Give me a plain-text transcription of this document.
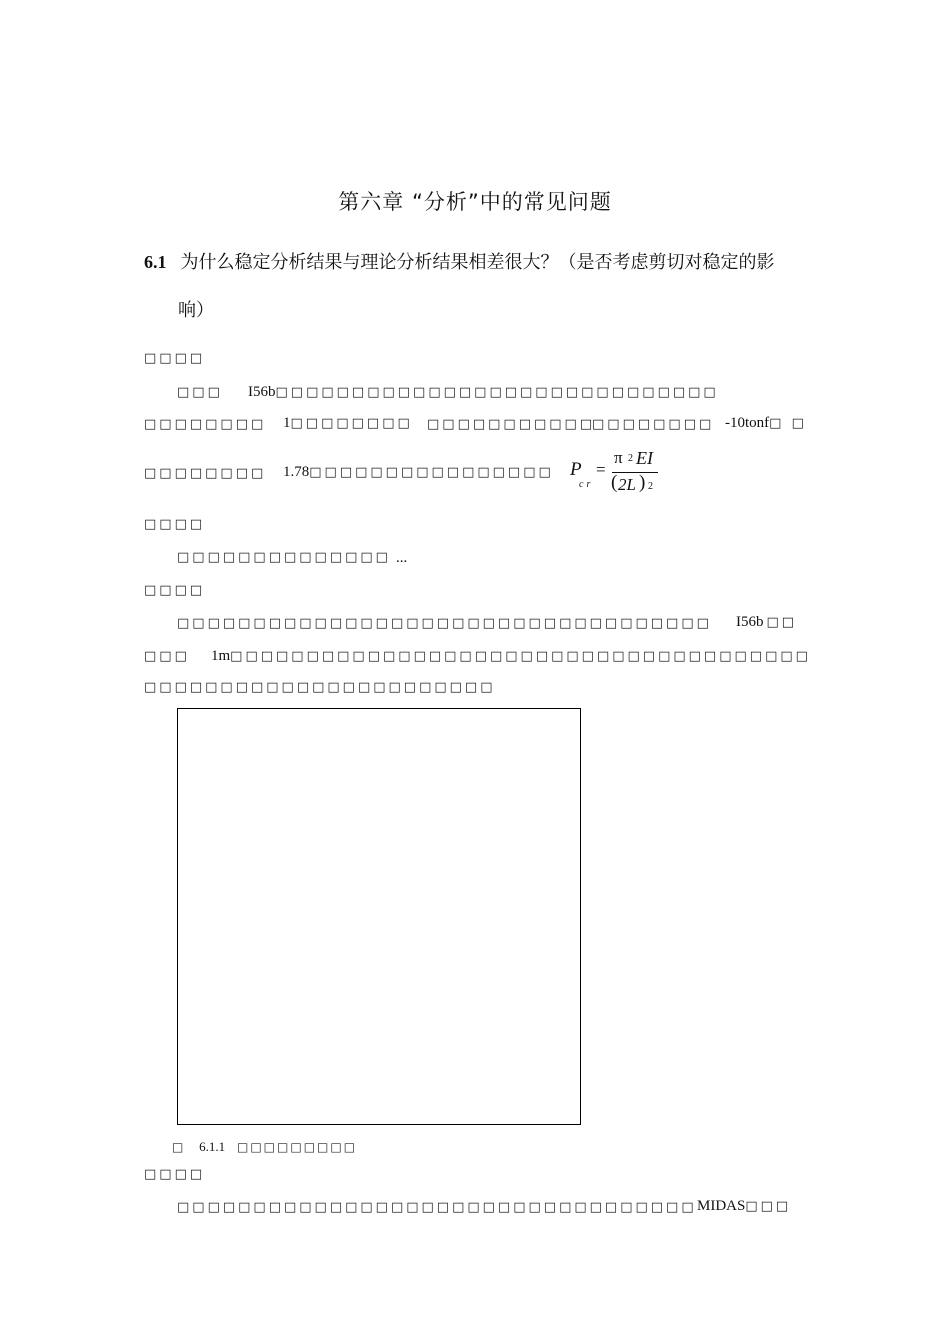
第六章 “分析”中的常见问题
6.1 为什么稳定分析结果与理论分析结果相差很大？（是否考虑剪切对稳定的影
响）
□□□□
□□□ I56b□□□□□□□□□□□□□□□□□□□□□□□□□□□□□
□□□□□□□□ 1□□□□□□□□ □□□□□□□□□□□
□□□□□□□□ -10tonf□ □
□□□□□□□□ 1.78□□□□□□□□□□□□□□□□ P
cr
=
π 2 EI
( 2L ) 2
□□□□
□□□□□□□□□□□□□□ ...
□□□□
□□□□□□□□□□□□□□□□□□□□□□□□□□□□□□□□□□□ I56b □□
□□□ 1m□□□□□□□□□□□□□□□□□□□□□□□□□□□□□□□□□□□□□□
□□□□□□□□□□□□□□□□□□□□□□□
□ 6.1.1 □□□□□□□□□
□□□□
□□□□□□□□□□□□□□□□□□□□□□□□□□□□□□□□□□ MIDAS□□□
